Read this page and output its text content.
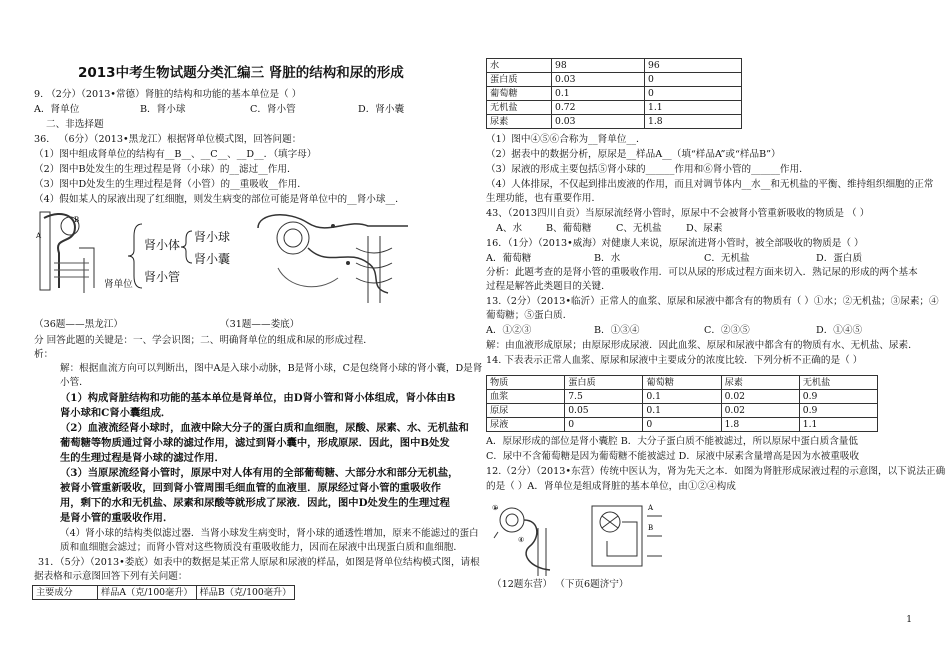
2013中考生物试题分类汇编三 肾脏的结构和尿的形成
9. （2分）（2013•常德）肾脏的结构和功能的基本单位是（ ）
A．肾单位	B．肾小球	C．肾小管	D．肾小囊
二、非选择题
36． （6分）（2013•黑龙江）根据肾单位模式图，回答问题：
（1）图中组成肾单位的结构有__B__、__C__、__D__．（填字母）
（2）图中B处发生的生理过程是肾（小球）的__滤过__作用．
（3）图中D处发生的生理过程是肾（小管）的__重吸收__作用．
（4）假如某人的尿液出现了红细胞，则发生病变的部位可能是肾单位中的__肾小球__．
A
B
肾单位
肾小体
肾小球
肾小囊
肾小管
（36题——黑龙江）	（31题——娄底）
分 回答此题的关键是：一、学会识图；二、明确肾单位的组成和尿的形成过程．
析：
解：根据血流方向可以判断出，图中A是入球小动脉，B是肾小球，C是包绕肾小球的肾小囊，D是肾
小管．
（1）构成肾脏结构和功能的基本单位是肾单位，由D肾小管和肾小体组成，肾小体由B
肾小球和C肾小囊组成．
（2）血液流经肾小球时，血液中除大分子的蛋白质和血细胞，尿酸、尿素、水、无机盐和
葡萄糖等物质通过肾小球的滤过作用，滤过到肾小囊中，形成原尿．因此，图中B处发
生的生理过程是肾小球的滤过作用．
（3）当原尿流经肾小管时，原尿中对人体有用的全部葡萄糖、大部分水和部分无机盐，
被肾小管重新吸收，回到肾小管周围毛细血管的血液里．原尿经过肾小管的重吸收作
用，剩下的水和无机盐、尿素和尿酸等就形成了尿液．因此，图中D处发生的生理过程
是肾小管的重吸收作用．
（4）肾小球的结构类似滤过器．当肾小球发生病变时，肾小球的通透性增加，原来不能滤过的蛋白
质和血细胞会滤过；而肾小管对这些物质没有重吸收能力，因而在尿液中出现蛋白质和血细胞．
31．（5分）（2013•娄底）如表中的数据是某正常人原尿和尿液的样品，如图是肾单位结构模式图，请根
据表格和示意图回答下列有关问题：
主要成分	样品A（克/100毫升）	样品B（克/100毫升）
水	98	96
蛋白质	0.03	0
葡萄糖	0.1	0
无机盐	0.72	1.1
尿素	0.03	1.8
（1）图中④⑤⑥合称为__肾单位__．
（2）据表中的数据分析，原尿是__样品A__（填“样品A”或“样品B”）
（3）尿液的形成主要包括⑤肾小球的______作用和⑥肾小管的______作用．
（4）人体排尿，不仅起到排出废液的作用，而且对调节体内__水__和无机盐的平衡、维持组织细胞的正常
生理功能，也有重要作用．
43、（2013四川自贡）当原尿流经肾小管时，原尿中不会被肾小管重新吸收的物质是 （ ）
A、水 B、葡萄糖	C、无机盐	D、尿素
16．（1分）（2013•威海）对健康人来说，原尿流进肾小管时，被全部吸收的物质是（ ）
A．葡萄糖	B．水	C．无机盐	D．蛋白质
分析：此题考查的是肾小管的重吸收作用．可以从尿的形成过程方面来切入．熟记尿的形成的两个基本
过程是解答此类题目的关键．
13.（2分）（2013•临沂）正常人的血浆、原尿和尿液中都含有的物质有（ ）①水；②无机盐；③尿素；④
葡萄糖；⑤蛋白质．
A．①②③	B．①③④	C．②③⑤	D．①④⑤
解：由血液形成原尿；由原尿形成尿液．因此血浆、原尿和尿液中都含有的物质有水、无机盐、尿素．
14. 下表表示正常人血浆、原尿和尿液中主要成分的浓度比较．下列分析不正确的是（ ）
物质	蛋白质	葡萄糖	尿素	无机盐
血浆	7.5	0.1	0.02	0.9
原尿	0.05	0.1	0.02	0.9
尿液	0	0	1.8	1.1
A．原尿形成的部位是肾小囊腔 B．大分子蛋白质不能被滤过，所以原尿中蛋白质含量低
C．尿中不含葡萄糖是因为葡萄糖不能被滤过 D．尿液中尿素含量增高是因为水被重吸收
12.（2分）（2013•东营）传统中医认为，肾为先天之本．如图为肾脏形成尿液过程的示意图，以下说法正确
的是（ ）A．肾单位是组成肾脏的基本单位，由①②④构成
①
④
A
B
（12题东营） （下页6题济宁）
1
